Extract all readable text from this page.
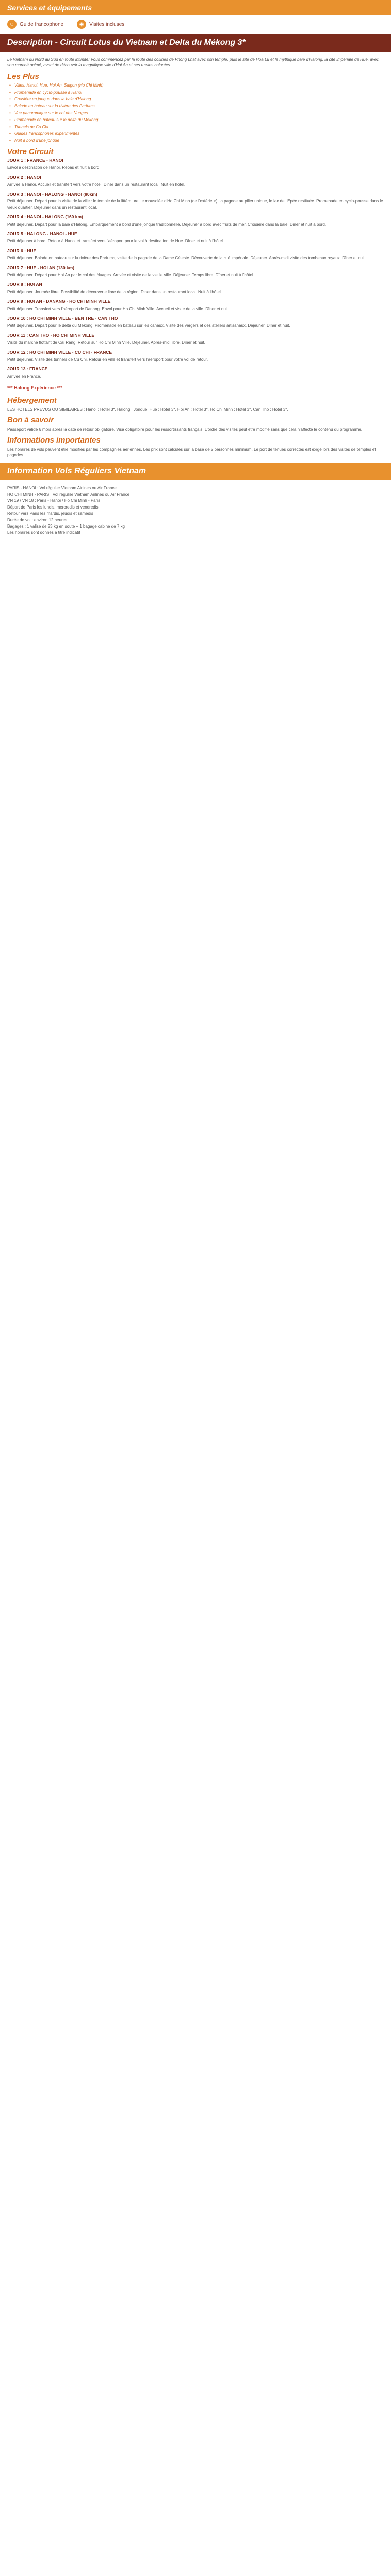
Services et équipements
☺ Guide francophone	◉	Visites incluses
Description - Circuit Lotus du Vietnam et Delta du Mékong 3*

Le Vietnam du Nord au Sud en toute intimité! Vous commencez par la route des collines de Phong Lhat avec son temple, puis le site de Hoa Lu et la mythique baie d'Halong, la cité impériale de Hué, avec son marché animé, avant de découvrir la magnifique ville d'Hoi An et ses ruelles colorées.

Les Plus
• Villes: Hanoi, Hue, Hoi An, Saigon (Ho Chi Minh)
• Promenade en cyclo-pousse à Hanoi
• Croisière en jonque dans la baie d'Halong
• Balade en bateau sur la rivière des Parfums
• Vue panoramique sur le col des Nuages
• Promenade en bateau sur le delta du Mékong
• Tunnels de Cu Chi
• Guides francophones expérimentés
• Nuit à bord d'une jonque
Votre Circuit
JOUR 1 : FRANCE - HANOI
Envol à destination de Hanoi. Repas et nuit à bord.
JOUR 2 : HANOI
Arrivée à Hanoi. Accueil et transfert vers votre hôtel. Diner dans un restaurant local. Nuit en hôtel.
JOUR 3 : HANOI - HALONG - HANOI (80km)
Petit déjeuner. Départ pour la visite de la ville : le temple de la littérature, le mausolée d'Ho Chi Minh (de l'extérieur), la pagode au pilier unique, le lac de l'Épée restituée. Promenade en cyclo-pousse dans le vieux quartier. Déjeuner dans un restaurant local.
JOUR 4 : HANOI - HALONG (160 km)
Petit déjeuner. Départ pour la baie d'Halong. Embarquement à bord d'une jonque traditionnelle. Déjeuner à bord avec fruits de mer. Croisière dans la baie. Diner et nuit à bord.
JOUR 5 : HALONG - HANOI - HUE
Petit déjeuner à bord. Retour à Hanoi et transfert vers l'aéroport pour le vol à destination de Hue. Dîner et nuit à l'hôtel.
JOUR 6 : HUE
Petit déjeuner. Balade en bateau sur la rivière des Parfums, visite de la pagode de la Dame Céleste. Découverte de la cité impériale. Déjeuner. Après-midi visite des tombeaux royaux. Dîner et nuit.
JOUR 7 : HUE - HOI AN (130 km)
Petit déjeuner. Départ pour Hoi An par le col des Nuages. Arrivée et visite de la vieille ville. Déjeuner. Temps libre. Dîner et nuit à l'hôtel.
JOUR 8 : HOI AN
Petit déjeuner. Journée libre. Possibilité de découverte libre de la région. Diner dans un restaurant local. Nuit à l'hôtel.
JOUR 9 : HOI AN - DANANG - HO CHI MINH VILLE
Petit déjeuner. Transfert vers l'aéroport de Danang. Envol pour Ho Chi Minh Ville. Accueil et visite de la ville. Dîner et nuit.
JOUR 10 : HO CHI MINH VILLE - BEN TRE - CAN THO
Petit déjeuner. Départ pour le delta du Mékong. Promenade en bateau sur les canaux. Visite des vergers et des ateliers artisanaux. Déjeuner. Dîner et nuit.
JOUR 11 : CAN THO - HO CHI MINH VILLE
Visite du marché flottant de Cai Rang. Retour sur Ho Chi Minh Ville. Déjeuner. Après-midi libre. Dîner et nuit.
JOUR 12 : HO CHI MINH VILLE - CU CHI - FRANCE
Petit déjeuner. Visite des tunnels de Cu Chi. Retour en ville et transfert vers l'aéroport pour votre vol de retour.
JOUR 13 : FRANCE
Arrivée en France.
*** Halong Expérience ***
Hébergement
LES HOTELS PREVUS OU SIMILAIRES : Hanoi : Hotel 3*, Halong : Jonque, Hue : Hotel 3*, Hoi An : Hotel 3*, Ho Chi Minh : Hotel 3*, Can Tho : Hotel 3*.
Bon à savoir
Passeport valide 6 mois après la date de retour obligatoire. Visa obligatoire pour les ressortissants français. L'ordre des visites peut être modifié sans que cela n'affecte le contenu du programme.
Informations importantes
Les horaires de vols peuvent être modifiés par les compagnies aériennes. Les prix sont calculés sur la base de 2 personnes minimum. Le port de tenues correctes est exigé lors des visites de temples et pagodes.
Information Vols Réguliers Vietnam
PARIS - HANOI : Vol régulier Vietnam Airlines ou Air France
HO CHI MINH - PARIS : Vol régulier Vietnam Airlines ou Air France
VN 19 / VN 18 : Paris - Hanoi / Ho Chi Minh - Paris
Départ de Paris les lundis, mercredis et vendredis
Retour vers Paris les mardis, jeudis et samedis
Durée de vol : environ 12 heures
Bagages : 1 valise de 23 kg en soute + 1 bagage cabine de 7 kg
Les horaires sont donnés à titre indicatif
